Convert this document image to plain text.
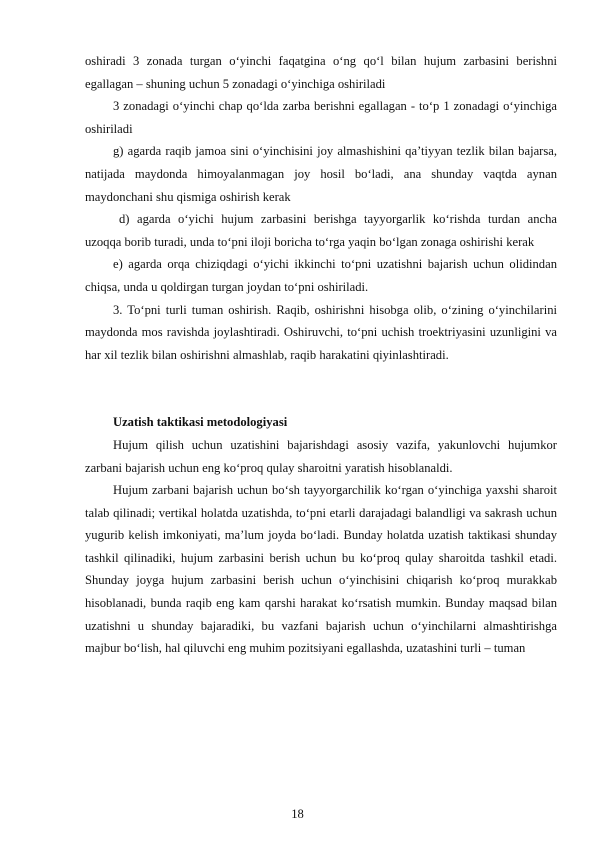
oshiradi 3 zonada turgan o‘yinchi faqatgina o‘ng qo‘l bilan hujum zarbasini berishni egallagan – shuning uchun 5 zonadagi o‘yinchiga oshiriladi

3 zonadagi o‘yinchi chap qo‘lda zarba berishni egallagan - to‘p 1 zonadagi o‘yinchiga oshiriladi

g) agarda raqib jamoa sini o‘yinchisini joy almashishini qa’tiyyan tezlik bilan bajarsa, natijada maydonda himoyalanmagan joy hosil bo‘ladi, ana shunday vaqtda aynan maydonchani shu qismiga oshirish kerak

d) agarda o‘yichi hujum zarbasini berishga tayyorgarlik ko‘rishda turdan ancha uzoqqa borib turadi, unda to‘pni iloji boricha to‘rga yaqin bo‘lgan zonaga oshirishi kerak

e) agarda orqa chiziqdagi o‘yichi ikkinchi to‘pni uzatishni bajarish uchun olidindan chiqsa, unda u qoldirgan turgan joydan to‘pni oshiriladi.

3. To‘pni turli tuman oshirish. Raqib, oshirishni hisobga olib, o‘zining o‘yinchilarini maydonda mos ravishda joylashtiradi. Oshiruvchi, to‘pni uchish troektriyasini uzunligini va har xil tezlik bilan oshirishni almashlab, raqib harakatini qiyinlashtiradi.

Uzatish taktikasi metodologiyasi

Hujum qilish uchun uzatishini bajarishdagi asosiy vazifa, yakunlovchi hujumkor zarbani bajarish uchun eng ko‘proq qulay sharoitni yaratish hisoblanaldi.

Hujum zarbani bajarish uchun bo‘sh tayyorgarchilik ko‘rgan o‘yinchiga yaxshi sharoit talab qilinadi; vertikal holatda uzatishda, to‘pni etarli darajadagi balandligi va sakrash uchun yugurib kelish imkoniyati, ma’lum joyda bo‘ladi. Bunday holatda uzatish taktikasi shunday tashkil qilinadiki, hujum zarbasini berish uchun bu ko‘proq qulay sharoitda tashkil etadi. Shunday joyga hujum zarbasini berish uchun o‘yinchisini chiqarish ko‘proq murakkab hisoblanadi, bunda raqib eng kam qarshi harakat ko‘rsatish mumkin. Bunday maqsad bilan uzatishni u shunday bajaradiki, bu vazfani bajarish uchun o‘yinchilarni almashtirishga majbur bo‘lish, hal qiluvchi eng muhim pozitsiyani egallashda, uzatashini turli – tuman

18
